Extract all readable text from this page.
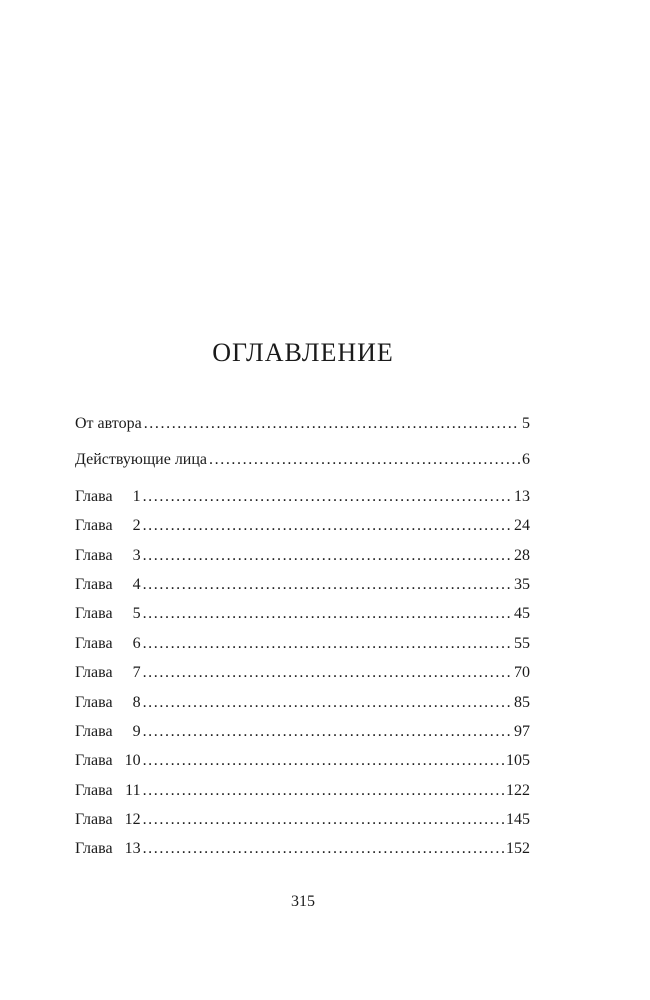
ОГЛАВЛЕНИЕ
От автора . . .	5
Действующие лица . . .	6
Глава 1 . . .	13
Глава 2 . . .	24
Глава 3 . . .	28
Глава 4 . . .	35
Глава 5 . . .	45
Глава 6 . . .	55
Глава 7 . . .	70
Глава 8 . . .	85
Глава 9 . . .	97
Глава 10 . . .	105
Глава 11 . . .	122
Глава 12 . . .	145
Глава 13 . . .	152
315
